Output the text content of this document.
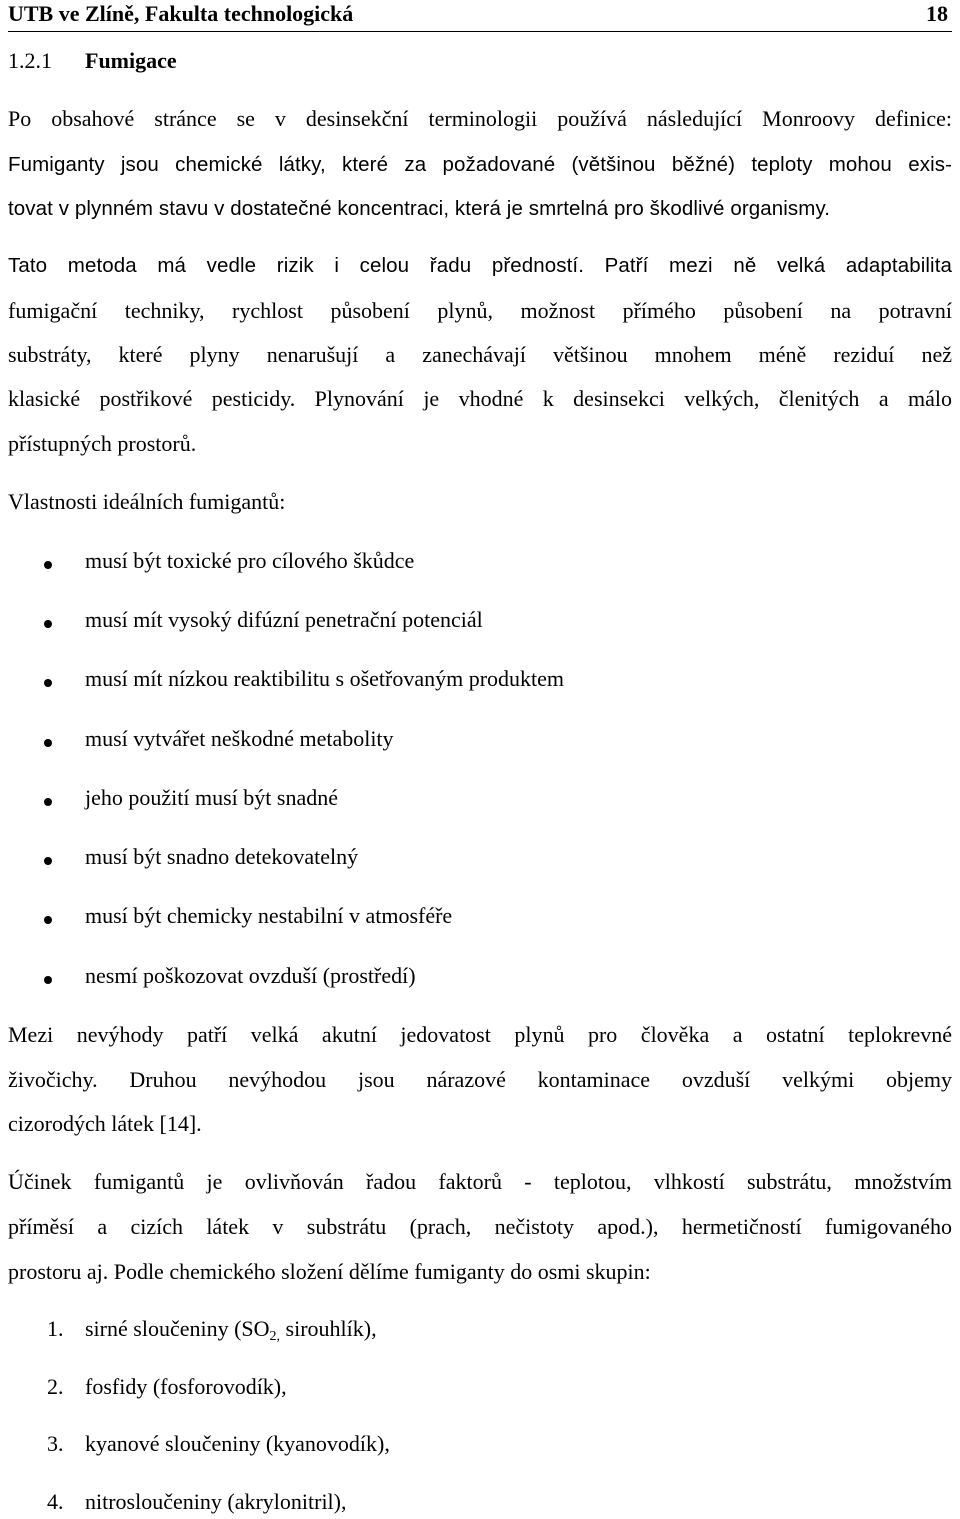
UTB ve Zlíně, Fakulta technologická	18
1.2.1 Fumigace
Po obsahové stránce se v desinsekční terminologii používá následující Monroovy definice:
Fumiganty jsou chemické látky, které za požadované (většinou běžné) teploty mohou exis-
tovat v plynném stavu v dostatečné koncentraci, která je smrtelná pro škodlivé organismy.
Tato metoda má vedle rizik i celou řadu předností. Patří mezi ně velká adaptabilita
fumigační techniky, rychlost působení plynů, možnost přímého působení na potravní
substráty, které plyny nenarušují a zanechávají většinou mnohem méně reziduí než
klasické postřikové pesticidy. Plynování je vhodné k desinsekci velkých, členitých a málo
přístupných prostorů.
Vlastnosti ideálních fumigantů:
musí být toxické pro cílového škůdce
musí mít vysoký difúzní penetrační potenciál
musí mít nízkou reaktibilitu s ošetřovaným produktem
musí vytvářet neškodné metabolity
jeho použití musí být snadné
musí být snadno detekovatelný
musí být chemicky nestabilní v atmosféře
nesmí poškozovat ovzduší (prostředí)
Mezi nevýhody patří velká akutní jedovatost plynů pro člověka a ostatní teplokrevné
živočichy. Druhou nevýhodou jsou nárazové kontaminace ovzduší velkými objemy
cizorodých látek [14].
Účinek fumigantů je ovlivňován řadou faktorů - teplotou, vlhkostí substrátu, množstvím
příměsí a cizích látek v substrátu (prach, nečistoty apod.), hermetičností fumigovaného
prostoru aj. Podle chemického složení dělíme fumiganty do osmi skupin:
1. sirné sloučeniny ($SO_{2,}$ sirouhlík),
2. fosfidy (fosforovodík),
3. kyanové sloučeniny (kyanovodík),
4. nitrosloučeniny (akrylonitril),
